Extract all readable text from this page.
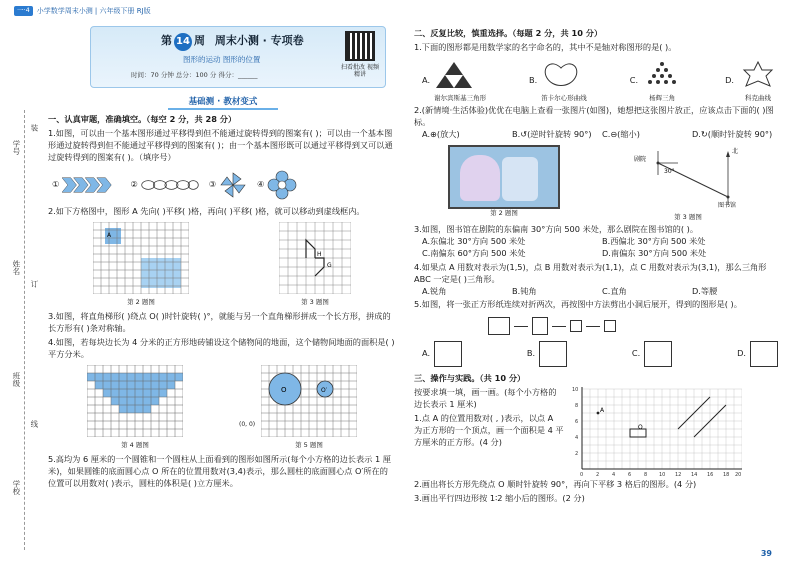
一·4	小学数学周末小测 | 六年级下册 RJ版
学号
姓名
班级
学校
装
订
线
第 14 周 周末小测 · 专项卷
图形的运动 图形的位置
时间：70 分钟 总分：100 分 得分：______
扫看批改 视频精讲
基础测 · 教材变式
一、认真审题，准确填空。（每空 2 分，共 28 分）
1.如图，可以由一个基本图形通过平移得到但不能通过旋转得到的图案有( )；可以由一个基本图形通过旋转得到但不能通过平移得到的图案有( )；由一个基本图形既可以通过平移得到又可以通过旋转得到的图案有( )。（填序号）
①	②	③	④
2.如下方格图中，图形 A 先向( )平移( )格，再向( )平移( )格，就可以移动到虚线框内。
A
第 2 题图
H
G
第 3 题图
3.如图，将直角梯形( )绕点 O( )时针旋转( )°，就能与另一个直角梯形拼成一个长方形，拼成的长方形有( )条对称轴。
4.如图，若每块边长为 4 分米的正方形地砖铺设这个储物间的地面，这个储物间地面的面积是( )平方分米。
第 4 题图
O	O′
(0, 0)
第 5 题图
5.高均为 6 厘米的一个圆锥和一个圆柱从上面看到的图形如图所示(每个小方格的边长表示 1 厘米)，如果圆锥的底面圆心点 O 所在的位置用数对(3,4)表示，那么圆柱的底面圆心点 O′所在的位置可以用数对( )表示，圆柱的体积是( )立方厘米。
二、反复比较，慎重选择。（每题 2 分，共 10 分）
1.下面的图形都是用数学家的名字命名的，其中不是轴对称图形的是( )。
A.
谢尔宾斯基三角形
B.
笛卡尔心形曲线
C.
杨辉三角
D.
科克曲线
2.(新情境·生活体验)优优在电脑上查看一张图片(如图)，她想把这张图片放正，应该点击下面的( )图标。
A.⊕(放大)	B.↺(逆时针旋转 90°)	C.⊖(缩小)	D.↻(顺时针旋转 90°)
第 2 题图
剧院
30°
北
图书馆
第 3 题图
3.如图，图书馆在剧院的东偏南 30°方向 500 米处，那么剧院在图书馆的( )。
A.东偏北 30°方向 500 米处	B.西偏北 30°方向 500 米处
C.南偏东 60°方向 500 米处	D.南偏东 30°方向 500 米处
4.如果点 A 用数对表示为(1,5)，点 B 用数对表示为(1,1)，点 C 用数对表示为(3,1)，那么三角形 ABC 一定是( )三角形。
A.锐角	B.钝角	C.直角	D.等腰
5.如图，将一张正方形纸连续对折两次，再按图中方法剪出小洞后展开，得到的图形是( )。
A.	B.	C.	D.
三、操作与实践。（共 10 分）
按要求填一填，画一画。(每个小方格的边长表示 1 厘米)
1.点 A 的位置用数对( , )表示，以点 A 为正方形的一个顶点，画一个面积是 4 平方厘米的正方形。(4 分)
A
O
0	2	4	6	8 10 12 14 16 18 20
2
4
6
8
10
2.画出将长方形先绕点 O 顺时针旋转 90°，再向下平移 3 格后的图形。(4 分)
3.画出平行四边形按 1∶2 缩小后的图形。(2 分)
39
